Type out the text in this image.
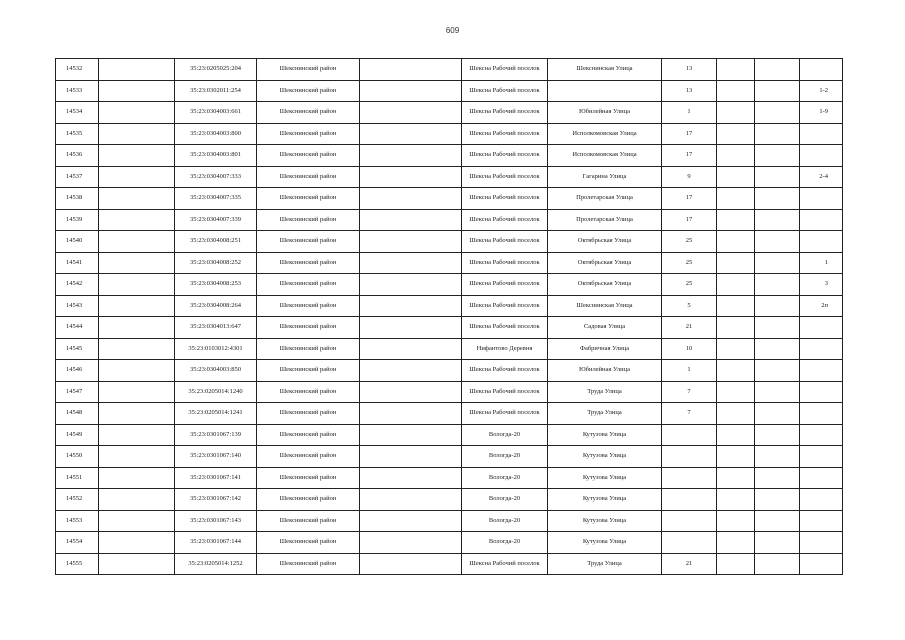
609
14532		35:23:0205025:204	Шекснинский район		Шексна Рабочий поселок	Шекснинская Улица	13			
14533		35:23:0302011:254	Шекснинский район		Шексна Рабочий поселок		13			1-2
14534		35:23:0304003:661	Шекснинский район		Шексна Рабочий поселок	Юбилейная Улица	1			1-9
14535		35:23:0304003:800	Шекснинский район		Шексна Рабочий поселок	Исполкомовская Улица	17			
14536		35:23:0304003:801	Шекснинский район		Шексна Рабочий поселок	Исполкомовская Улица	17			
14537		35:23:0304007:333	Шекснинский район		Шексна Рабочий поселок	Гагарина Улица	9			2-4
14538		35:23:0304007:335	Шекснинский район		Шексна Рабочий поселок	Пролетарская Улица	17			
14539		35:23:0304007:339	Шекснинский район		Шексна Рабочий поселок	Пролетарская Улица	17			
14540		35:23:0304008:251	Шекснинский район		Шексна Рабочий поселок	Октябрьская Улица	25			
14541		35:23:0304008:252	Шекснинский район		Шексна Рабочий поселок	Октябрьская Улица	25			1
14542		35:23:0304008:253	Шекснинский район		Шексна Рабочий поселок	Октябрьская Улица	25			3
14543		35:23:0304008:264	Шекснинский район		Шексна Рабочий поселок	Шекснинская Улица	5			2п
14544		35:23:0304013:647	Шекснинский район		Шексна Рабочий поселок	Садовая Улица	21			
14545		35:23:0103012:4301	Шекснинский район		Нифантово Деревня	Фабричная Улица	10			
14546		35:23:0304003:850	Шекснинский район		Шексна Рабочий поселок	Юбилейная Улица	1			
14547		35:23:0205014:1240	Шекснинский район		Шексна Рабочий поселок	Труда Улица	7			
14548		35:23:0205014:1241	Шекснинский район		Шексна Рабочий поселок	Труда Улица	7			
14549		35:23:0301067:139	Шекснинский район		Вологда-20	Кутузова Улица				
14550		35:23:0301067:140	Шекснинский район		Вологда-20	Кутузова Улица				
14551		35:23:0301067:141	Шекснинский район		Вологда-20	Кутузова Улица				
14552		35:23:0301067:142	Шекснинский район		Вологда-20	Кутузова Улица				
14553		35:23:0301067:143	Шекснинский район		Вологда-20	Кутузова Улица				
14554		35:23:0301067:144	Шекснинский район		Вологда-20	Кутузова Улица				
14555		35:23:0205014:1252	Шекснинский район		Шексна Рабочий поселок	Труда Улица	21			
